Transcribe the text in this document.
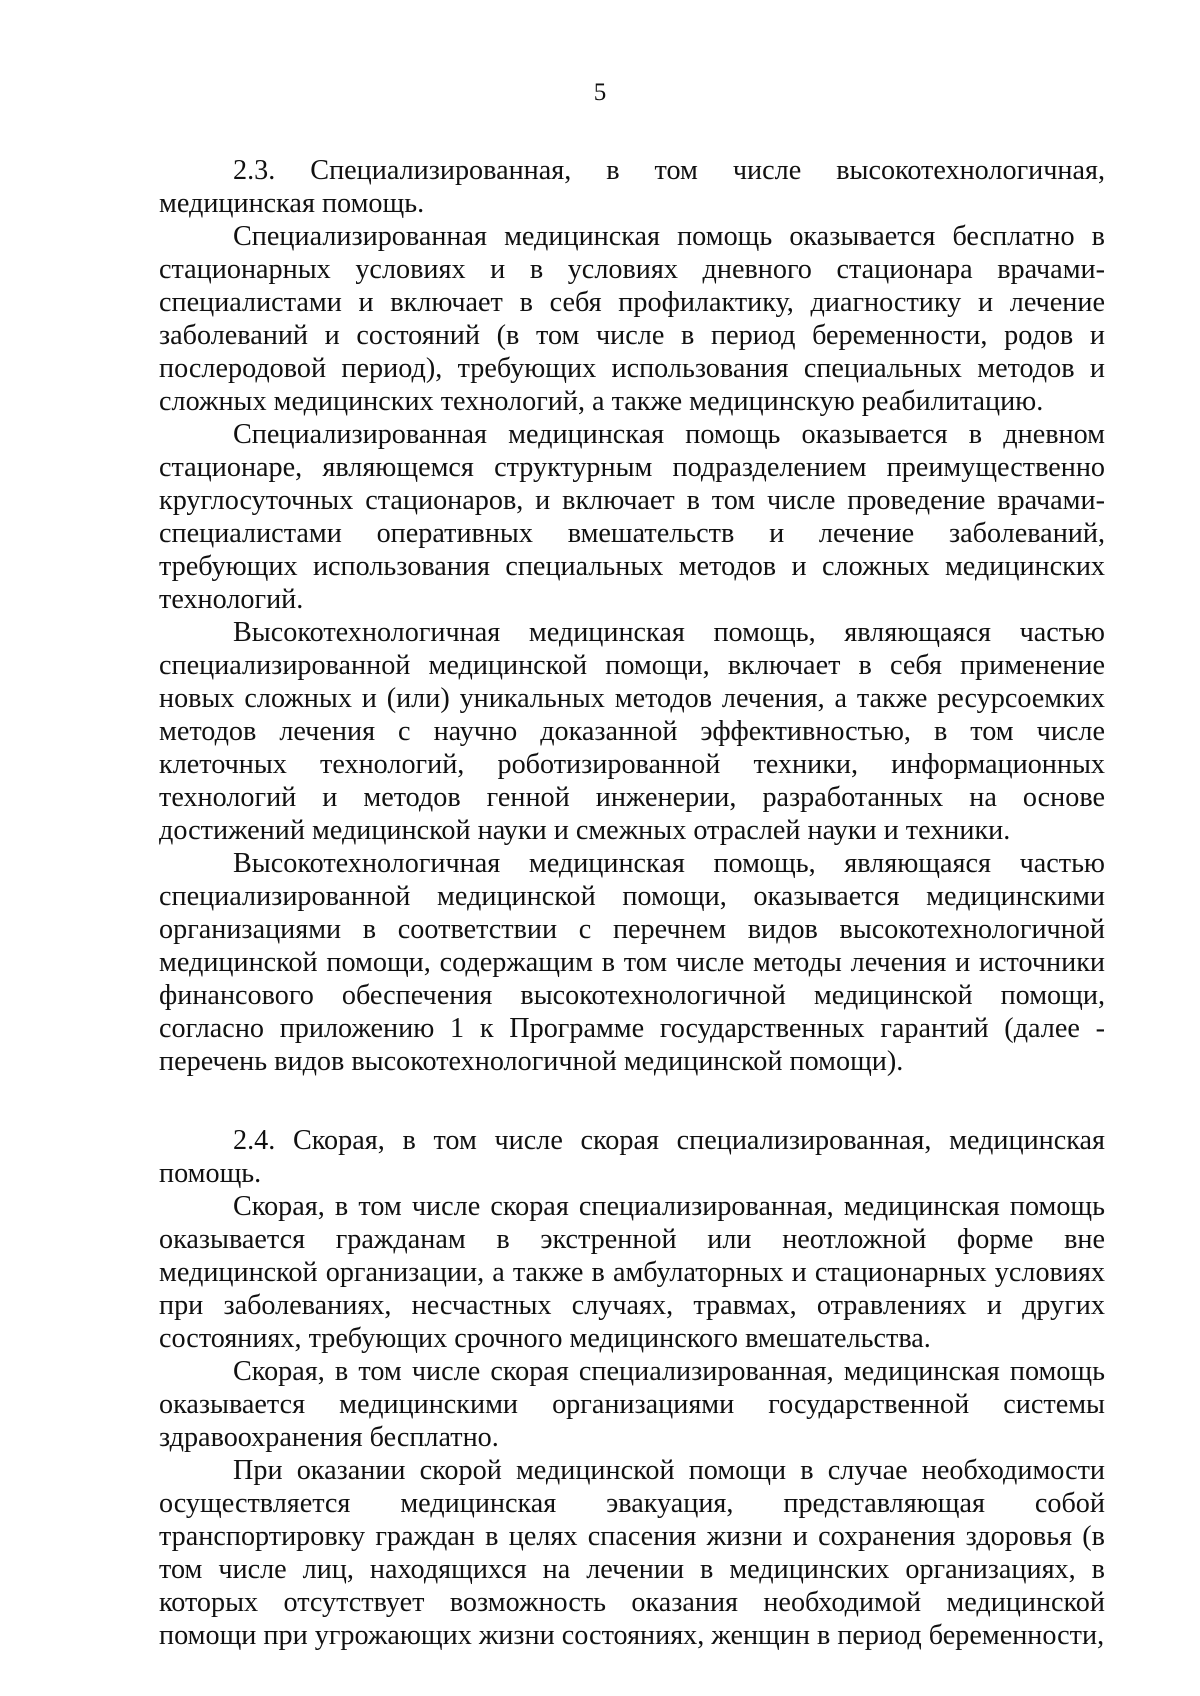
5

2.3. Специализированная, в том числе высокотехнологичная, медицинская помощь.

Специализированная медицинская помощь оказывается бесплатно в стационарных условиях и в условиях дневного стационара врачами-специалистами и включает в себя профилактику, диагностику и лечение заболеваний и состояний (в том числе в период беременности, родов и послеродовой период), требующих использования специальных методов и сложных медицинских технологий, а также медицинскую реабилитацию.

Специализированная медицинская помощь оказывается в дневном стационаре, являющемся структурным подразделением преимущественно круглосуточных стационаров, и включает в том числе проведение врачами-специалистами оперативных вмешательств и лечение заболеваний, требующих использования специальных методов и сложных медицинских технологий.

Высокотехнологичная медицинская помощь, являющаяся частью специализированной медицинской помощи, включает в себя применение новых сложных и (или) уникальных методов лечения, а также ресурсоемких методов лечения с научно доказанной эффективностью, в том числе клеточных технологий, роботизированной техники, информационных технологий и методов генной инженерии, разработанных на основе достижений медицинской науки и смежных отраслей науки и техники.

Высокотехнологичная медицинская помощь, являющаяся частью специализированной медицинской помощи, оказывается медицинскими организациями в соответствии с перечнем видов высокотехнологичной медицинской помощи, содержащим в том числе методы лечения и источники финансового обеспечения высокотехнологичной медицинской помощи, согласно приложению 1 к Программе государственных гарантий (далее - перечень видов высокотехнологичной медицинской помощи).

2.4. Скорая, в том числе скорая специализированная, медицинская помощь.

Скорая, в том числе скорая специализированная, медицинская помощь оказывается гражданам в экстренной или неотложной форме вне медицинской организации, а также в амбулаторных и стационарных условиях при заболеваниях, несчастных случаях, травмах, отравлениях и других состояниях, требующих срочного медицинского вмешательства.

Скорая, в том числе скорая специализированная, медицинская помощь оказывается медицинскими организациями государственной системы здравоохранения бесплатно.

При оказании скорой медицинской помощи в случае необходимости осуществляется медицинская эвакуация, представляющая собой транспортировку граждан в целях спасения жизни и сохранения здоровья (в том числе лиц, находящихся на лечении в медицинских организациях, в которых отсутствует возможность оказания необходимой медицинской помощи при угрожающих жизни состояниях, женщин в период беременности,
